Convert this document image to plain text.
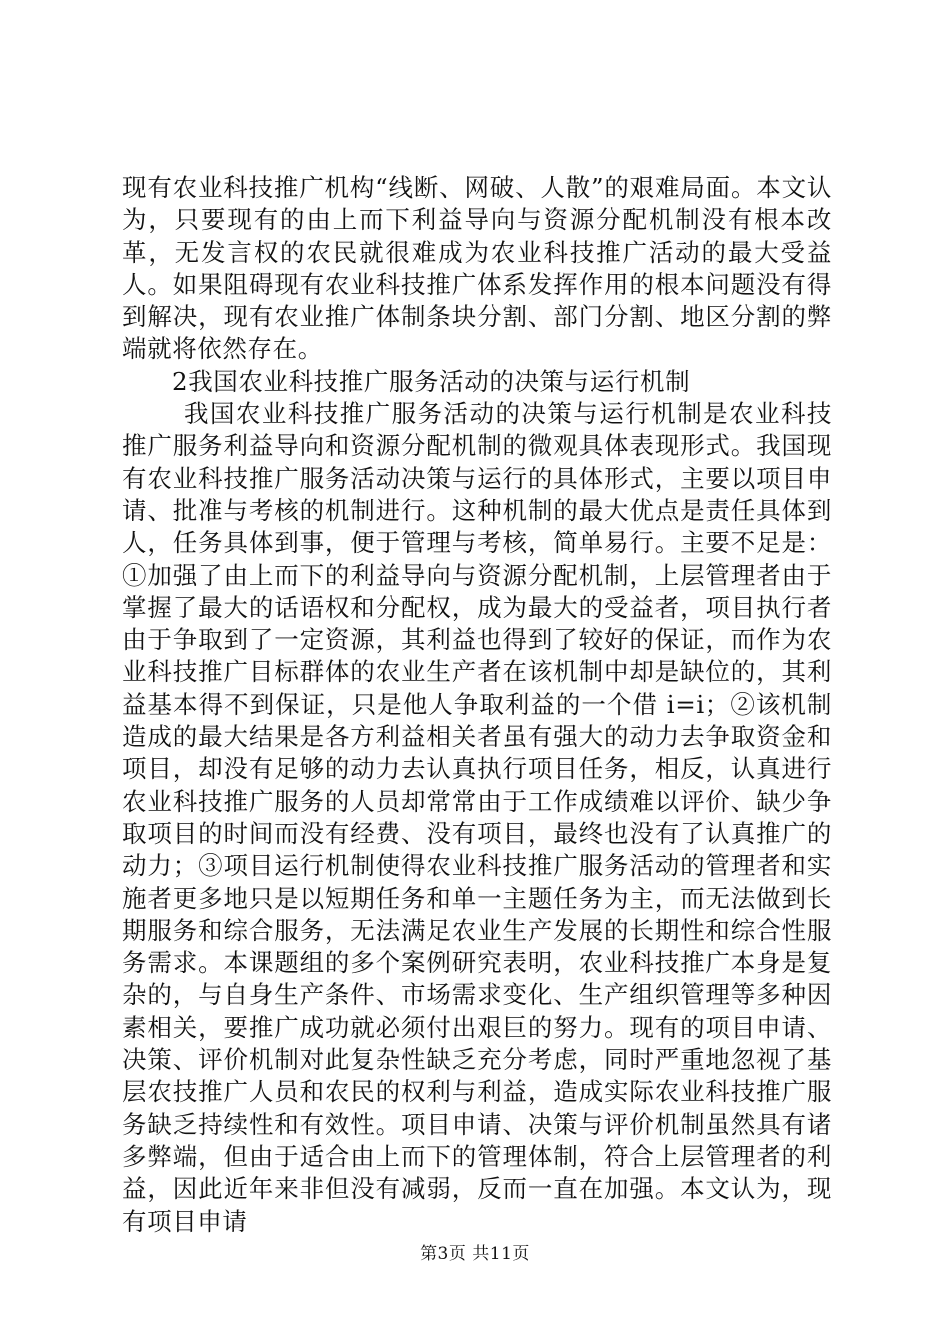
现有农业科技推广机构“线断、网破、人散”的艰难局面。本文认为，只要现有的由上而下利益导向与资源分配机制没有根本改革，无发言权的农民就很难成为农业科技推广活动的最大受益人。如果阻碍现有农业科技推广体系发挥作用的根本问题没有得到解决，现有农业推广体制条块分割、部门分割、地区分割的弊端就将依然存在。

2我国农业科技推广服务活动的决策与运行机制

我国农业科技推广服务活动的决策与运行机制是农业科技推广服务利益导向和资源分配机制的微观具体表现形式。我国现有农业科技推广服务活动决策与运行的具体形式，主要以项目申请、批准与考核的机制进行。这种机制的最大优点是责任具体到人，任务具体到事，便于管理与考核，简单易行。主要不足是：①加强了由上而下的利益导向与资源分配机制，上层管理者由于掌握了最大的话语权和分配权，成为最大的受益者，项目执行者由于争取到了一定资源，其利益也得到了较好的保证，而作为农业科技推广目标群体的农业生产者在该机制中却是缺位的，其利益基本得不到保证，只是他人争取利益的一个借 i=i；②该机制造成的最大结果是各方利益相关者虽有强大的动力去争取资金和项目，却没有足够的动力去认真执行项目任务，相反，认真进行农业科技推广服务的人员却常常由于工作成绩难以评价、缺少争取项目的时间而没有经费、没有项目，最终也没有了认真推广的动力；③项目运行机制使得农业科技推广服务活动的管理者和实施者更多地只是以短期任务和单一主题任务为主，而无法做到长期服务和综合服务，无法满足农业生产发展的长期性和综合性服务需求。本课题组的多个案例研究表明，农业科技推广本身是复杂的，与自身生产条件、市场需求变化、生产组织管理等多种因素相关，要推广成功就必须付出艰巨的努力。现有的项目申请、决策、评价机制对此复杂性缺乏充分考虑，同时严重地忽视了基层农技推广人员和农民的权利与利益，造成实际农业科技推广服务缺乏持续性和有效性。项目申请、决策与评价机制虽然具有诸多弊端，但由于适合由上而下的管理体制，符合上层管理者的利益，因此近年来非但没有减弱，反而一直在加强。本文认为，现有项目申请

第3页 共11页
